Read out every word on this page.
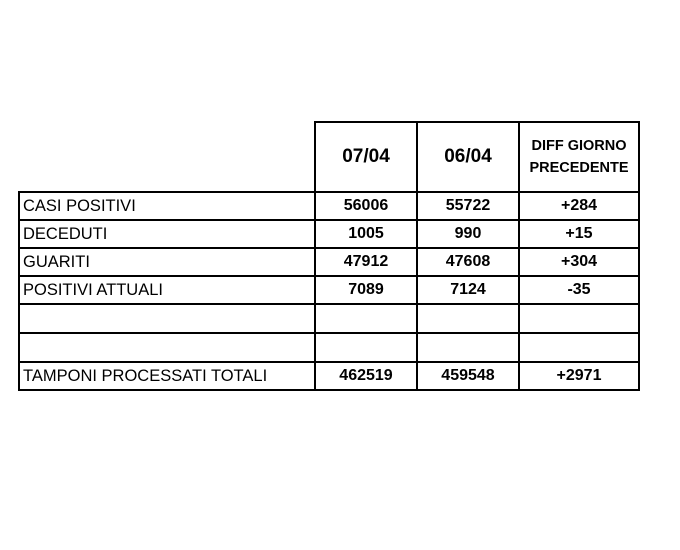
	07/04	06/04	DIFF GIORNO PRECEDENTE
CASI POSITIVI	56006	55722	+284
DECEDUTI	1005	990	+15
GUARITI	47912	47608	+304
POSITIVI ATTUALI	7089	7124	-35

TAMPONI PROCESSATI TOTALI	462519	459548	+2971
